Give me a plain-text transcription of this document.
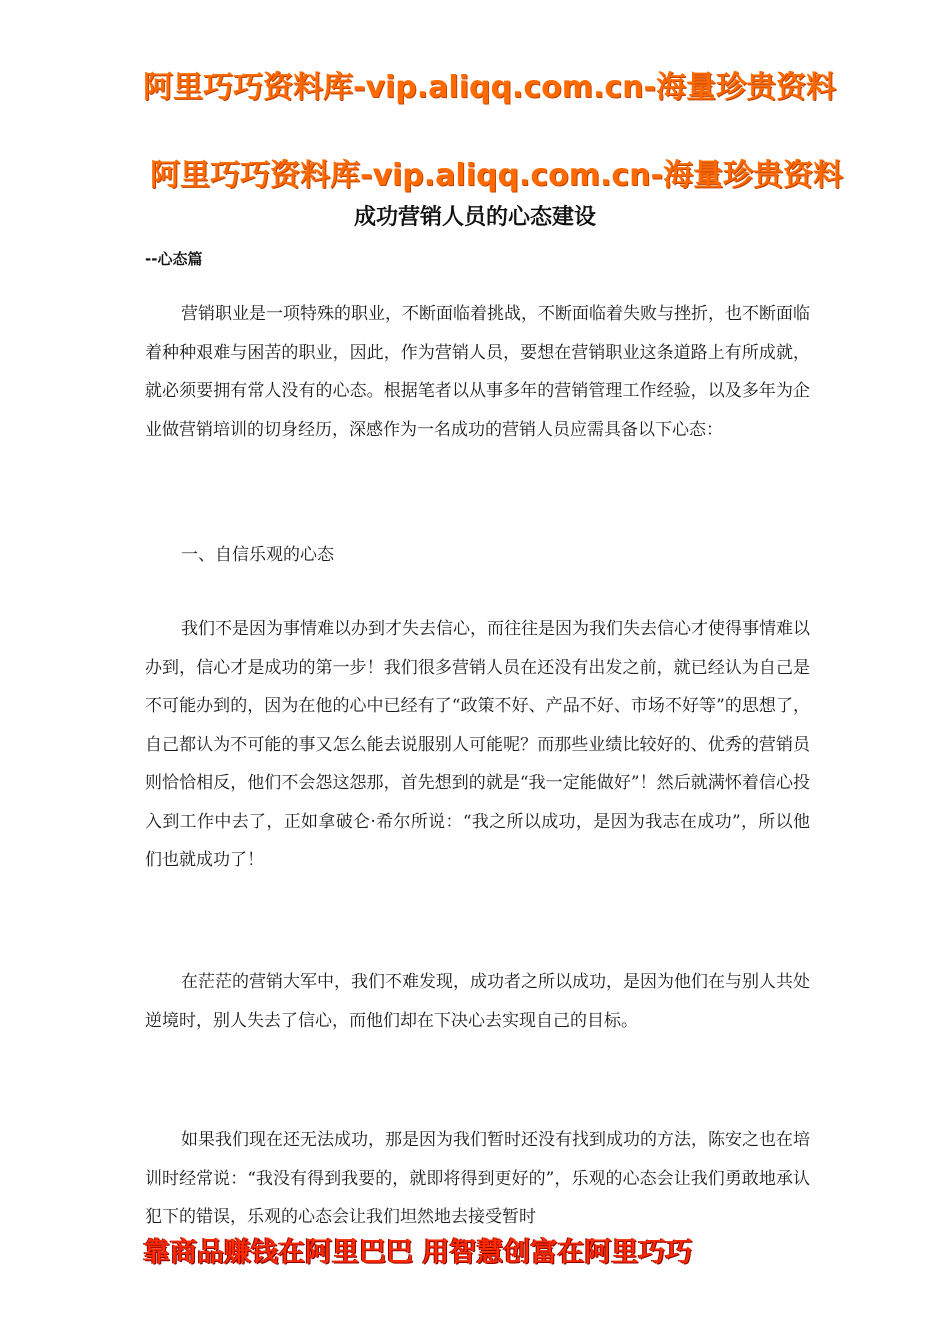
阿里巧巧资料库-vip.aliqq.com.cn-海量珍贵资料
阿里巧巧资料库-vip.aliqq.com.cn-海量珍贵资料
成功营销人员的心态建设
--心态篇

营销职业是一项特殊的职业，不断面临着挑战，不断面临着失败与挫折，也不断面临着种种艰难与困苦的职业，因此，作为营销人员，要想在营销职业这条道路上有所成就，就必须要拥有常人没有的心态。根据笔者以从事多年的营销管理工作经验，以及多年为企业做营销培训的切身经历，深感作为一名成功的营销人员应需具备以下心态：

一、自信乐观的心态

我们不是因为事情难以办到才失去信心，而往往是因为我们失去信心才使得事情难以办到，信心才是成功的第一步！我们很多营销人员在还没有出发之前，就已经认为自己是不可能办到的，因为在他的心中已经有了“政策不好、产品不好、市场不好等”的思想了，自己都认为不可能的事又怎么能去说服别人可能呢？而那些业绩比较好的、优秀的营销员则恰恰相反，他们不会怨这怨那，首先想到的就是“我一定能做好”！然后就满怀着信心投入到工作中去了，正如拿破仑·希尔所说：“我之所以成功，是因为我志在成功”，所以他们也就成功了！

在茫茫的营销大军中，我们不难发现，成功者之所以成功，是因为他们在与别人共处逆境时，别人失去了信心，而他们却在下决心去实现自己的目标。

如果我们现在还无法成功，那是因为我们暂时还没有找到成功的方法，陈安之也在培训时经常说：“我没有得到我要的，就即将得到更好的”，乐观的心态会让我们勇敢地承认犯下的错误，乐观的心态会让我们坦然地去接受暂时

靠商品赚钱在阿里巴巴 用智慧创富在阿里巧巧
